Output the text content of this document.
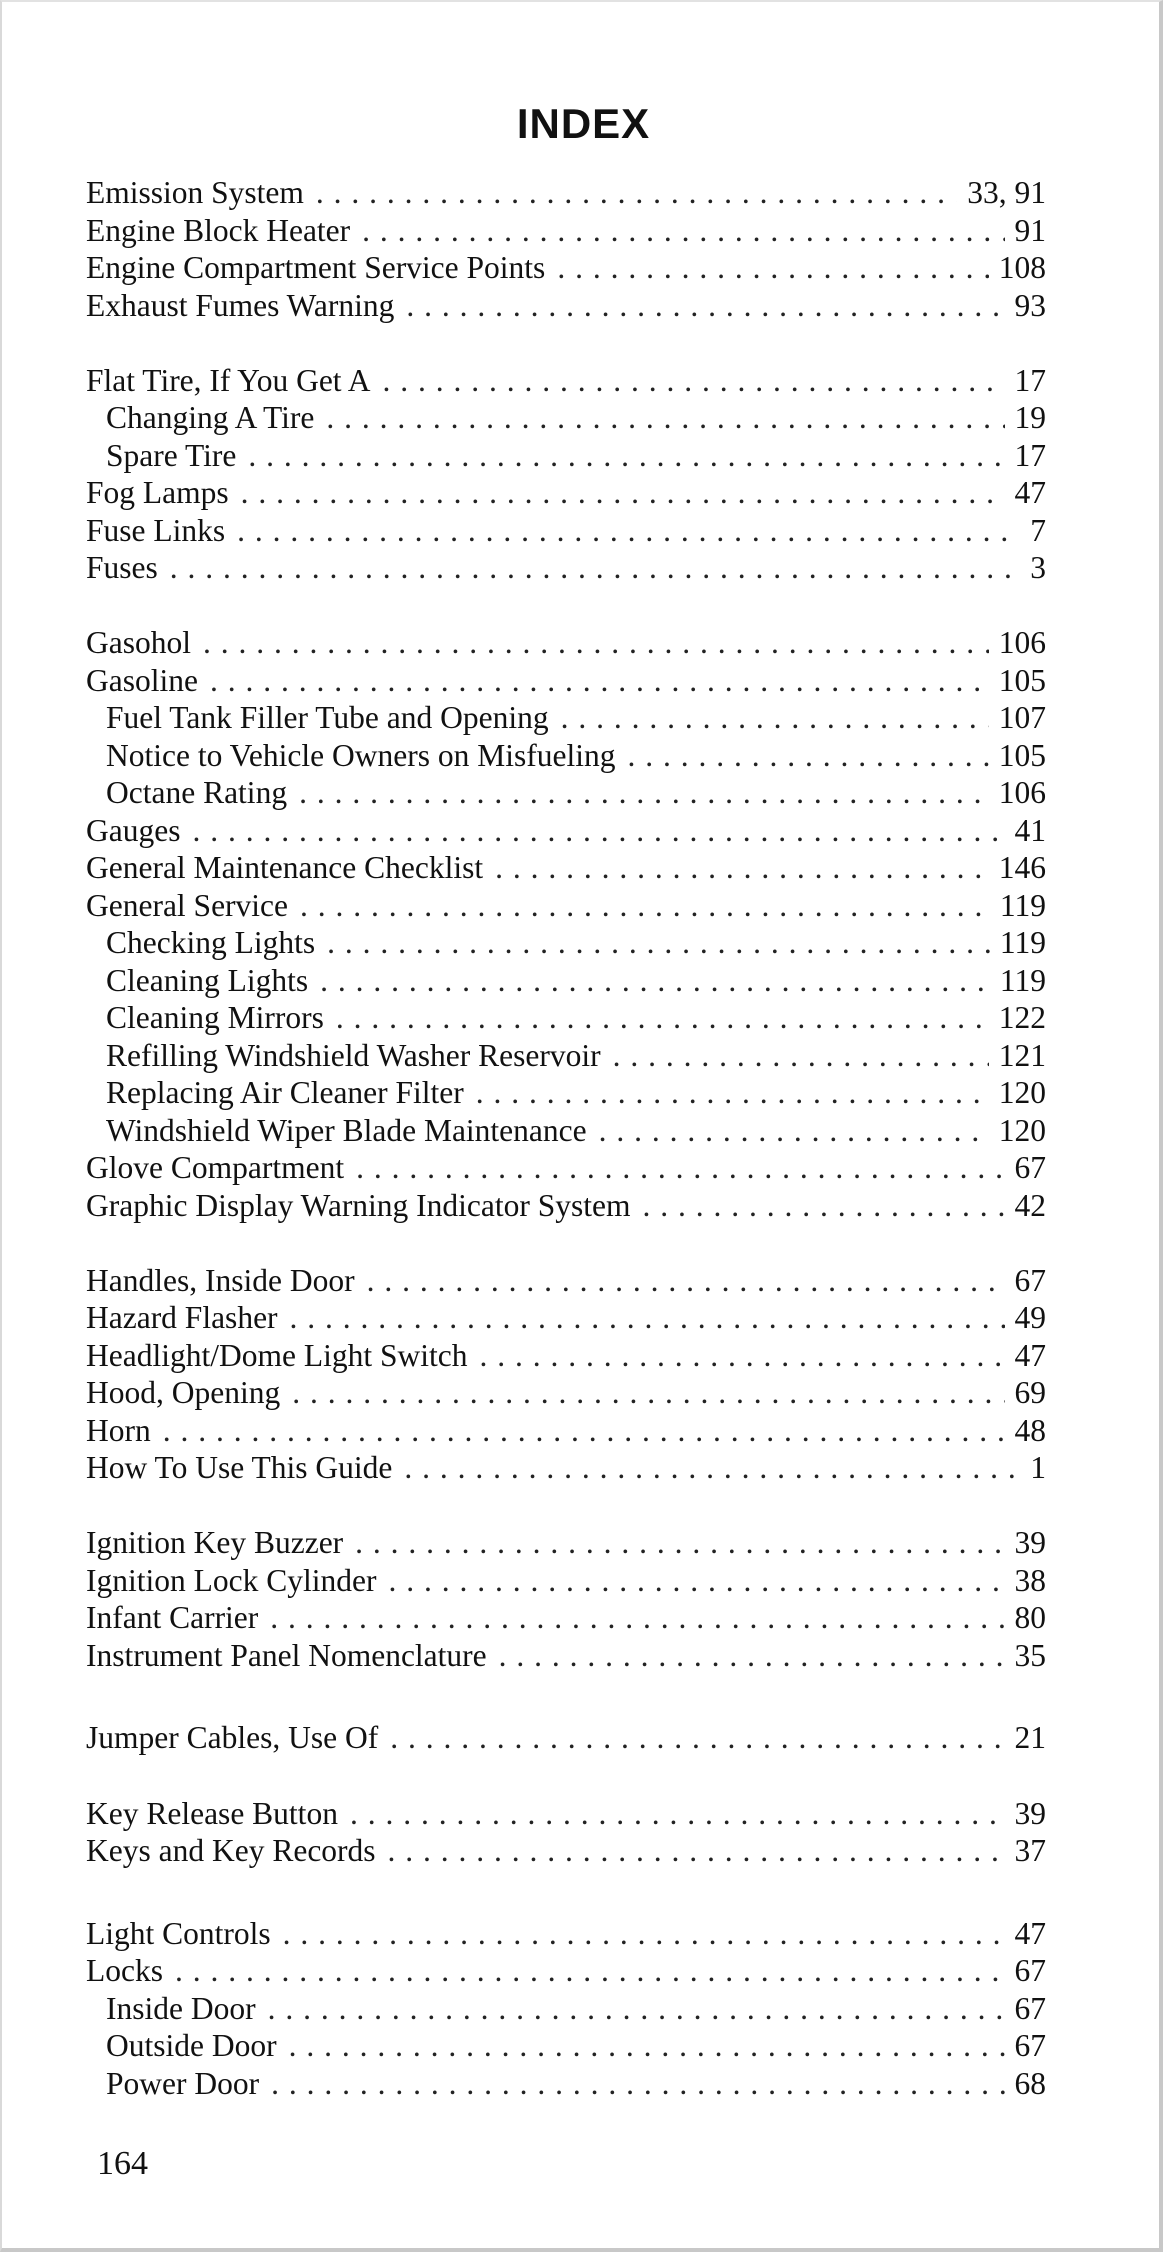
INDEX
Emission System . . .	33, 91
Engine Block Heater . . .	91
Engine Compartment Service Points . . .	108
Exhaust Fumes Warning . . .	93
Flat Tire, If You Get A . . .	17
Changing A Tire . . .	19
Spare Tire . . .	17
Fog Lamps . . .	47
Fuse Links . . .	7
Fuses . . .	3
Gasohol . . .	106
Gasoline . . .	105
Fuel Tank Filler Tube and Opening . . .	107
Notice to Vehicle Owners on Misfueling . . .	105
Octane Rating . . .	106
Gauges . . .	41
General Maintenance Checklist . . .	146
General Service . . .	119
Checking Lights . . .	119
Cleaning Lights . . .	119
Cleaning Mirrors . . .	122
Refilling Windshield Washer Reservoir . . .	121
Replacing Air Cleaner Filter . . .	120
Windshield Wiper Blade Maintenance . . .	120
Glove Compartment . . .	67
Graphic Display Warning Indicator System . . .	42
Handles, Inside Door . . .	67
Hazard Flasher . . .	49
Headlight/Dome Light Switch . . .	47
Hood, Opening . . .	69
Horn . . .	48
How To Use This Guide . . .	1
Ignition Key Buzzer . . .	39
Ignition Lock Cylinder . . .	38
Infant Carrier . . .	80
Instrument Panel Nomenclature . . .	35
Jumper Cables, Use Of . . .	21
Key Release Button . . .	39
Keys and Key Records . . .	37
Light Controls . . .	47
Locks . . .	67
Inside Door . . .	67
Outside Door . . .	67
Power Door . . .	68
164
